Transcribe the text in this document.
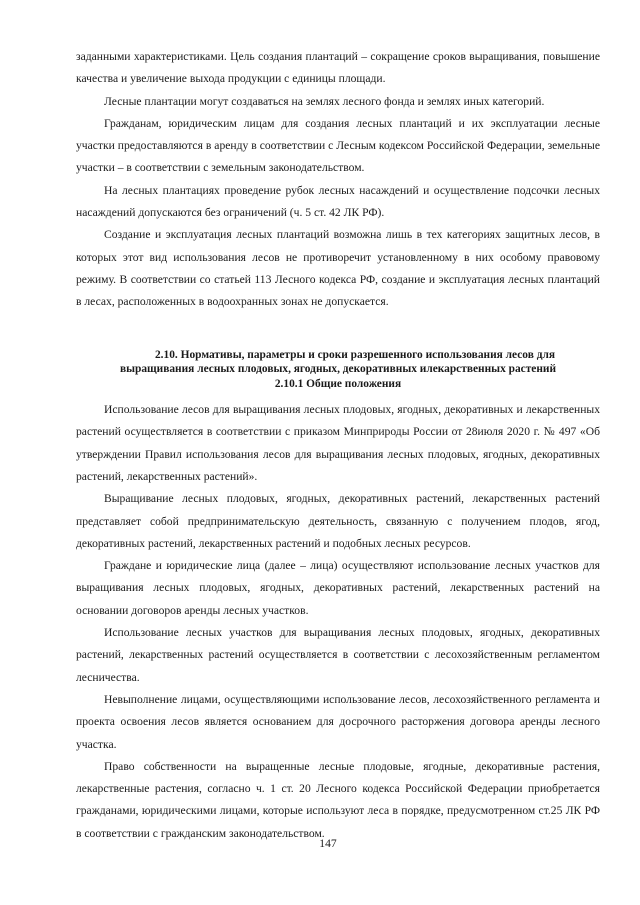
заданными характеристиками. Цель создания плантаций – сокращение сроков выращивания, повышение качества и увеличение выхода продукции с единицы площади.

Лесные плантации могут создаваться на землях лесного фонда и землях иных категорий.

Гражданам, юридическим лицам для создания лесных плантаций и их эксплуатации лесные участки предоставляются в аренду в соответствии с Лесным кодексом Российской Федерации, земельные участки – в соответствии с земельным законодательством.

На лесных плантациях проведение рубок лесных насаждений и осуществление подсочки лесных насаждений допускаются без ограничений (ч. 5 ст. 42 ЛК РФ).

Создание и эксплуатация лесных плантаций возможна лишь в тех категориях защитных лесов, в которых этот вид использования лесов не противоречит установленному в них особому правовому режиму. В соответствии со статьей 113 Лесного кодекса РФ, создание и эксплуатация лесных плантаций в лесах, расположенных в водоохранных зонах не допускается.

2.10. Нормативы, параметры и сроки разрешенного использования лесов для
выращивания лесных плодовых, ягодных, декоративных илекарственных растений
2.10.1 Общие положения

Использование лесов для выращивания лесных плодовых, ягодных, декоративных и лекарственных растений осуществляется в соответствии с приказом Минприроды России от 28июля 2020 г. № 497 «Об утверждении Правил использования лесов для выращивания лесных плодовых, ягодных, декоративных растений, лекарственных растений».

Выращивание лесных плодовых, ягодных, декоративных растений, лекарственных растений представляет собой предпринимательскую деятельность, связанную с получением плодов, ягод, декоративных растений, лекарственных растений и подобных лесных ресурсов.

Граждане и юридические лица (далее – лица) осуществляют использование лесных участков для выращивания лесных плодовых, ягодных, декоративных растений, лекарственных растений на основании договоров аренды лесных участков.

Использование лесных участков для выращивания лесных плодовых, ягодных, декоративных растений, лекарственных растений осуществляется в соответствии с лесохозяйственным регламентом лесничества.

Невыполнение лицами, осуществляющими использование лесов, лесохозяйственного регламента и проекта освоения лесов является основанием для досрочного расторжения договора аренды лесного участка.

Право собственности на выращенные лесные плодовые, ягодные, декоративные растения, лекарственные растения, согласно ч. 1 ст. 20 Лесного кодекса Российской Федерации приобретается гражданами, юридическими лицами, которые используют леса в порядке, предусмотренном ст.25 ЛК РФ в соответствии с гражданским законодательством.

147
